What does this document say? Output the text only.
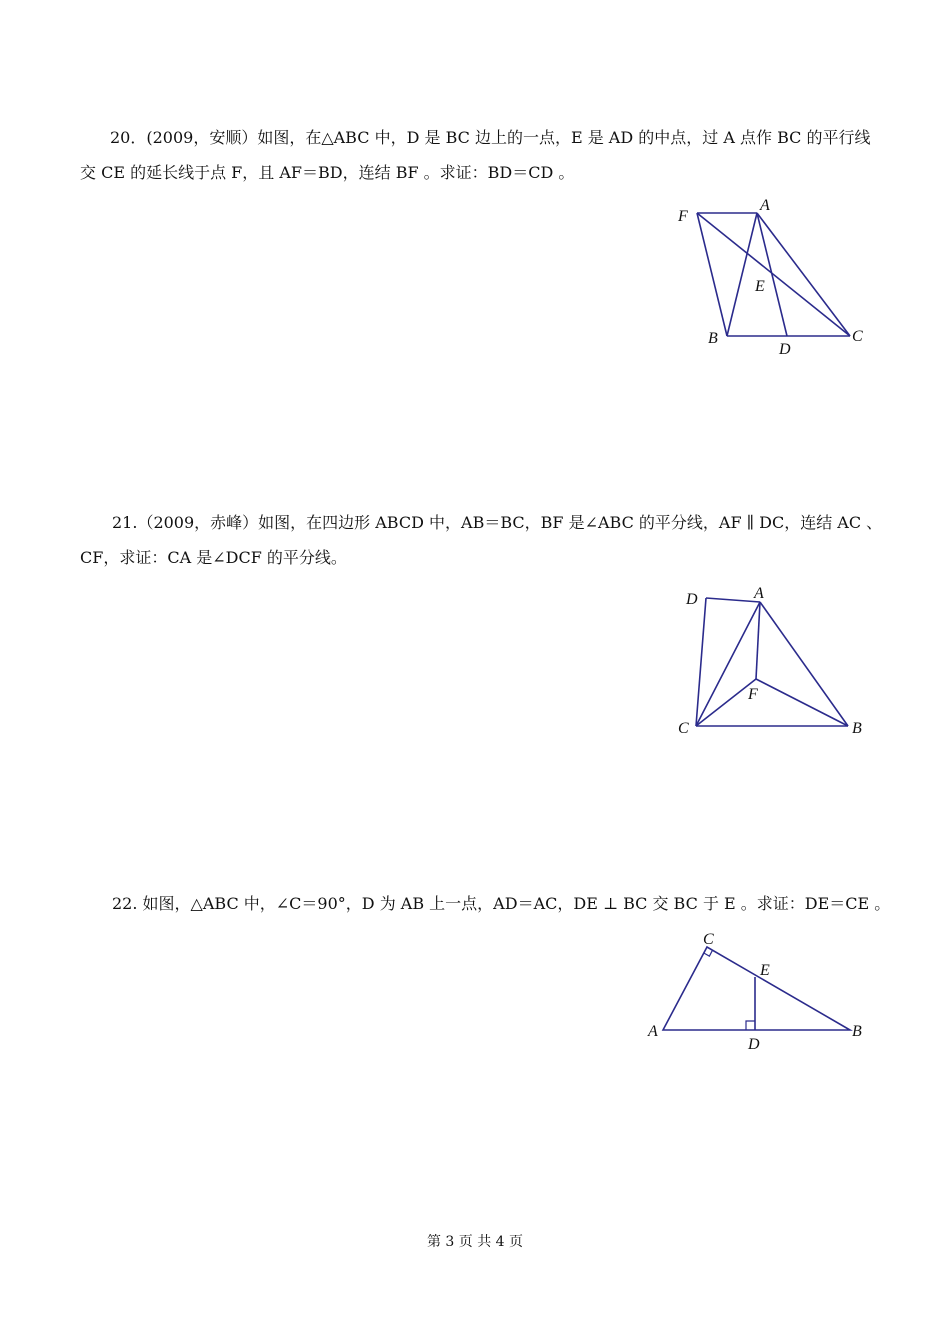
20．(2009，安顺）如图，在△ABC 中，D 是 BC 边上的一点，E 是 AD 的中点，过 A 点作 BC 的平行线
交 CE 的延长线于点 F，且 AF＝BD，连结 BF 。求证：BD＝CD 。
F
A
E
B
D
C
21.（2009，赤峰）如图，在四边形 ABCD 中，AB＝BC，BF 是∠ABC 的平分线，AF ∥ DC，连结 AC 、
CF，求证：CA 是∠DCF 的平分线。
D	A
F
C	B
22. 如图，△ABC 中，∠C＝90°，D 为 AB 上一点，AD＝AC，DE ⊥ BC 交 BC 于 E 。求证：DE＝CE 。
C
E
A
D
B
第 3 页 共 4 页
